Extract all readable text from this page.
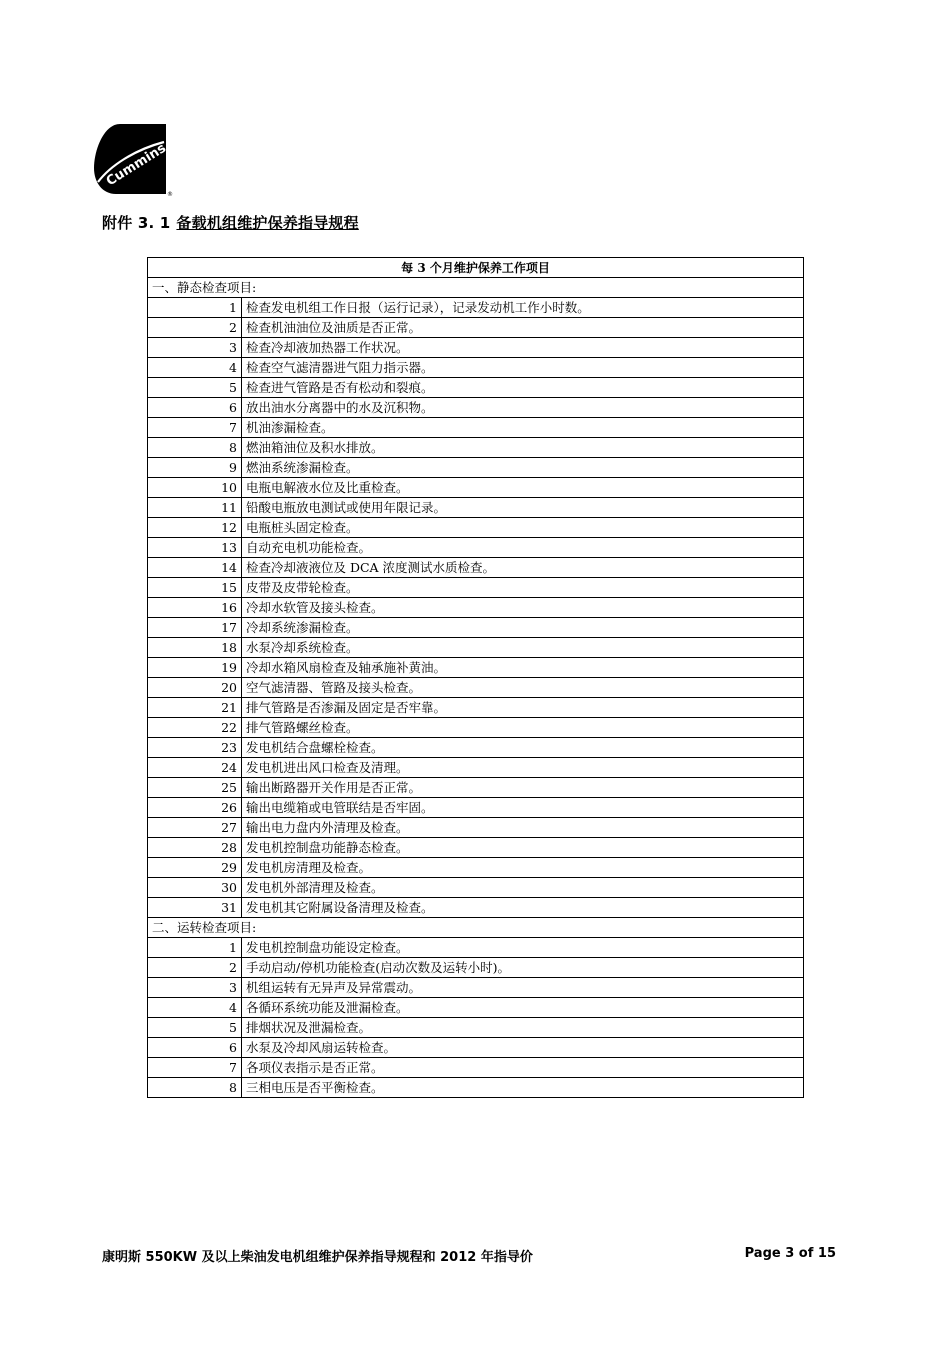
Cummins
®
附件 3. 1 备载机组维护保养指导规程
每 3 个月维护保养工作项目	
一、静态检查项目:	
1	检查发电机组工作日报（运行记录），记录发动机工作小时数。
2	检查机油油位及油质是否正常。
3	检查冷却液加热器工作状况。
4	检查空气滤清器进气阻力指示器。
5	检查进气管路是否有松动和裂痕。
6	放出油水分离器中的水及沉积物。
7	机油渗漏检查。
8	燃油箱油位及积水排放。
9	燃油系统渗漏检查。
10	电瓶电解液水位及比重检查。
11	铅酸电瓶放电测试或使用年限记录。
12	电瓶桩头固定检查。
13	自动充电机功能检查。
14	检查冷却液液位及 DCA 浓度测试水质检查。
15	皮带及皮带轮检查。
16	冷却水软管及接头检查。
17	冷却系统渗漏检查。
18	水泵冷却系统检查。
19	冷却水箱风扇检查及轴承施补黄油。
20	空气滤清器、管路及接头检查。
21	排气管路是否渗漏及固定是否牢靠。
22	排气管路螺丝检查。
23	发电机结合盘螺栓检查。
24	发电机进出风口检查及清理。
25	输出断路器开关作用是否正常。
26	输出电缆箱或电管联结是否牢固。
27	输出电力盘内外清理及检查。
28	发电机控制盘功能静态检查。
29	发电机房清理及检查。
30	发电机外部清理及检查。
31	发电机其它附属设备清理及检查。
二、运转检查项目:	
1	发电机控制盘功能设定检查。
2	手动启动/停机功能检查(启动次数及运转小时)。
3	机组运转有无异声及异常震动。
4	各循环系统功能及泄漏检查。
5	排烟状况及泄漏检查。
6	水泵及冷却风扇运转检查。
7	各项仪表指示是否正常。
8	三相电压是否平衡检查。
康明斯 550KW 及以上柴油发电机组维护保养指导规程和 2012 年指导价	Page 3 of 15
